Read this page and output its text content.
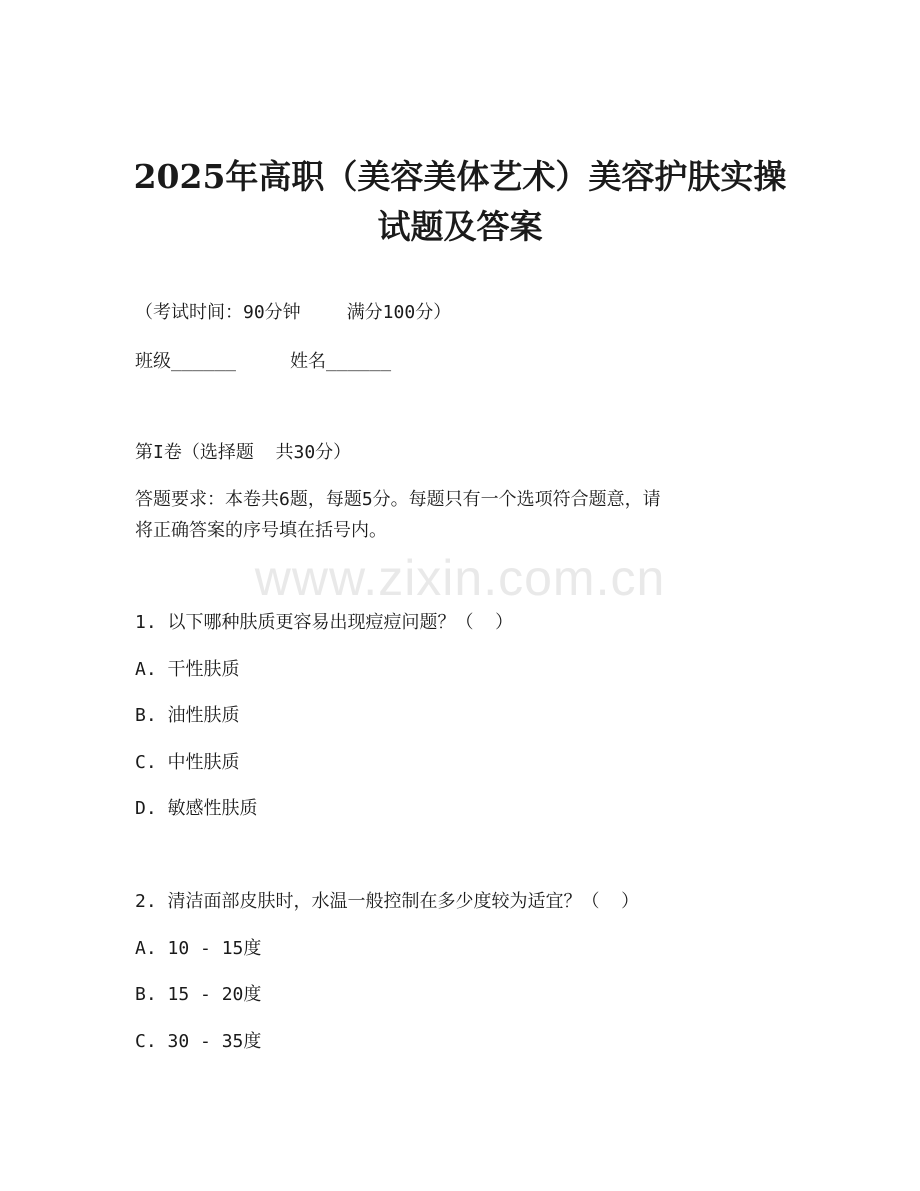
2025年高职（美容美体艺术）美容护肤实操
试题及答案

（考试时间：90分钟	满分100分）

班级______	姓名______

第I卷（选择题  共30分）

答题要求：本卷共6题，每题5分。每题只有一个选项符合题意，请

将正确答案的序号填在括号内。

www.zixin.com.cn

1. 以下哪种肤质更容易出现痘痘问题？（  ）

A. 干性肤质

B. 油性肤质

C. 中性肤质

D. 敏感性肤质

2. 清洁面部皮肤时，水温一般控制在多少度较为适宜？（  ）

A. 10 - 15度

B. 15 - 20度

C. 30 - 35度
